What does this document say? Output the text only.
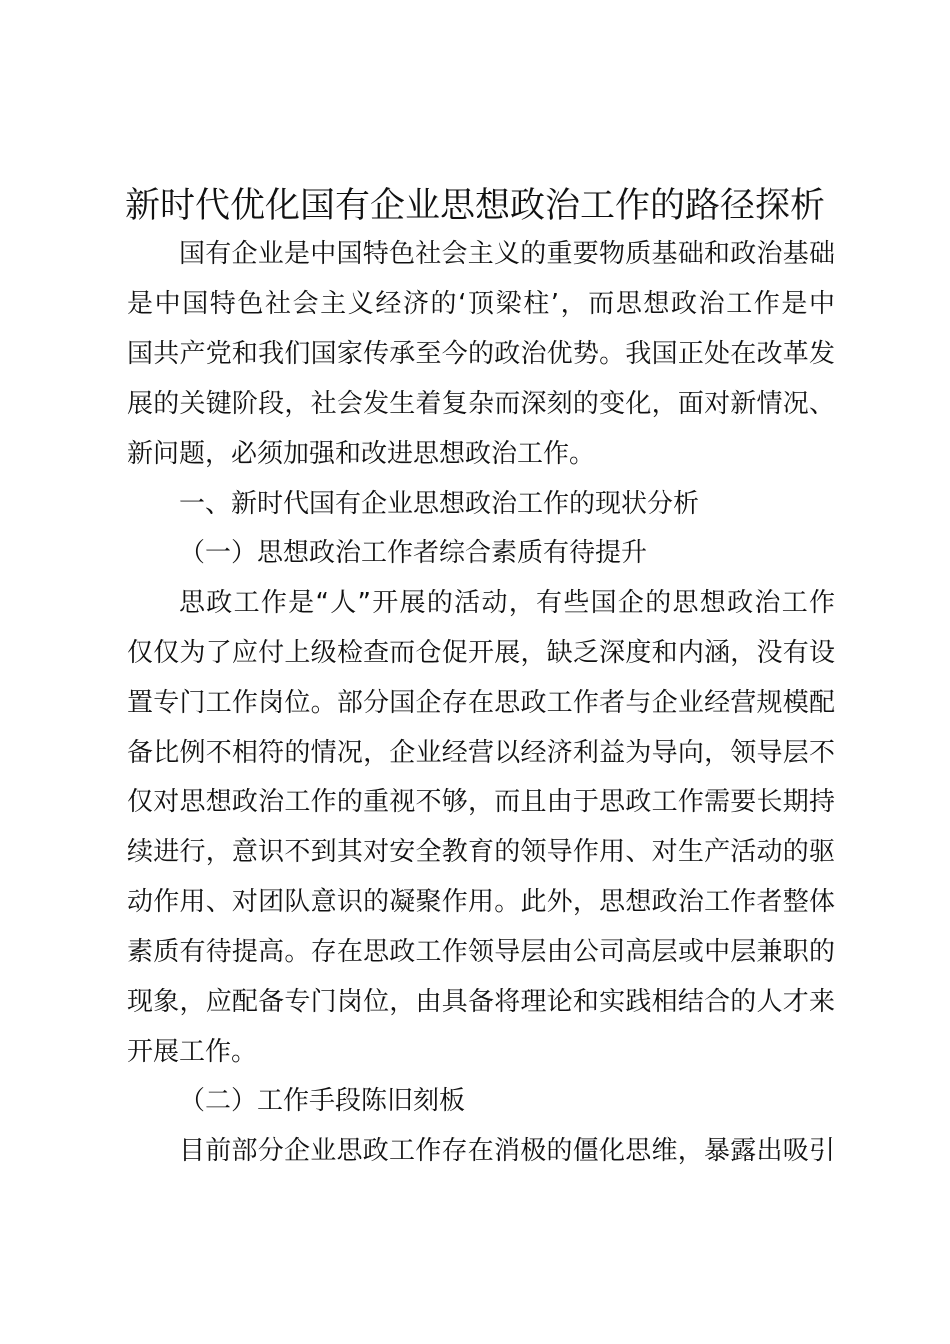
新时代优化国有企业思想政治工作的路径探析

国有企业是中国特色社会主义的重要物质基础和政治基础

是中国特色社会主义经济的‘顶梁柱’，而思想政治工作是中

国共产党和我们国家传承至今的政治优势。我国正处在改革发

展的关键阶段，社会发生着复杂而深刻的变化，面对新情况、

新问题，必须加强和改进思想政治工作。

一、新时代国有企业思想政治工作的现状分析

（一）思想政治工作者综合素质有待提升

思政工作是“人”开展的活动，有些国企的思想政治工作

仅仅为了应付上级检查而仓促开展，缺乏深度和内涵，没有设

置专门工作岗位。部分国企存在思政工作者与企业经营规模配

备比例不相符的情况，企业经营以经济利益为导向，领导层不

仅对思想政治工作的重视不够，而且由于思政工作需要长期持

续进行，意识不到其对安全教育的领导作用、对生产活动的驱

动作用、对团队意识的凝聚作用。此外，思想政治工作者整体

素质有待提高。存在思政工作领导层由公司高层或中层兼职的

现象，应配备专门岗位，由具备将理论和实践相结合的人才来

开展工作。

（二）工作手段陈旧刻板

目前部分企业思政工作存在消极的僵化思维，暴露出吸引
